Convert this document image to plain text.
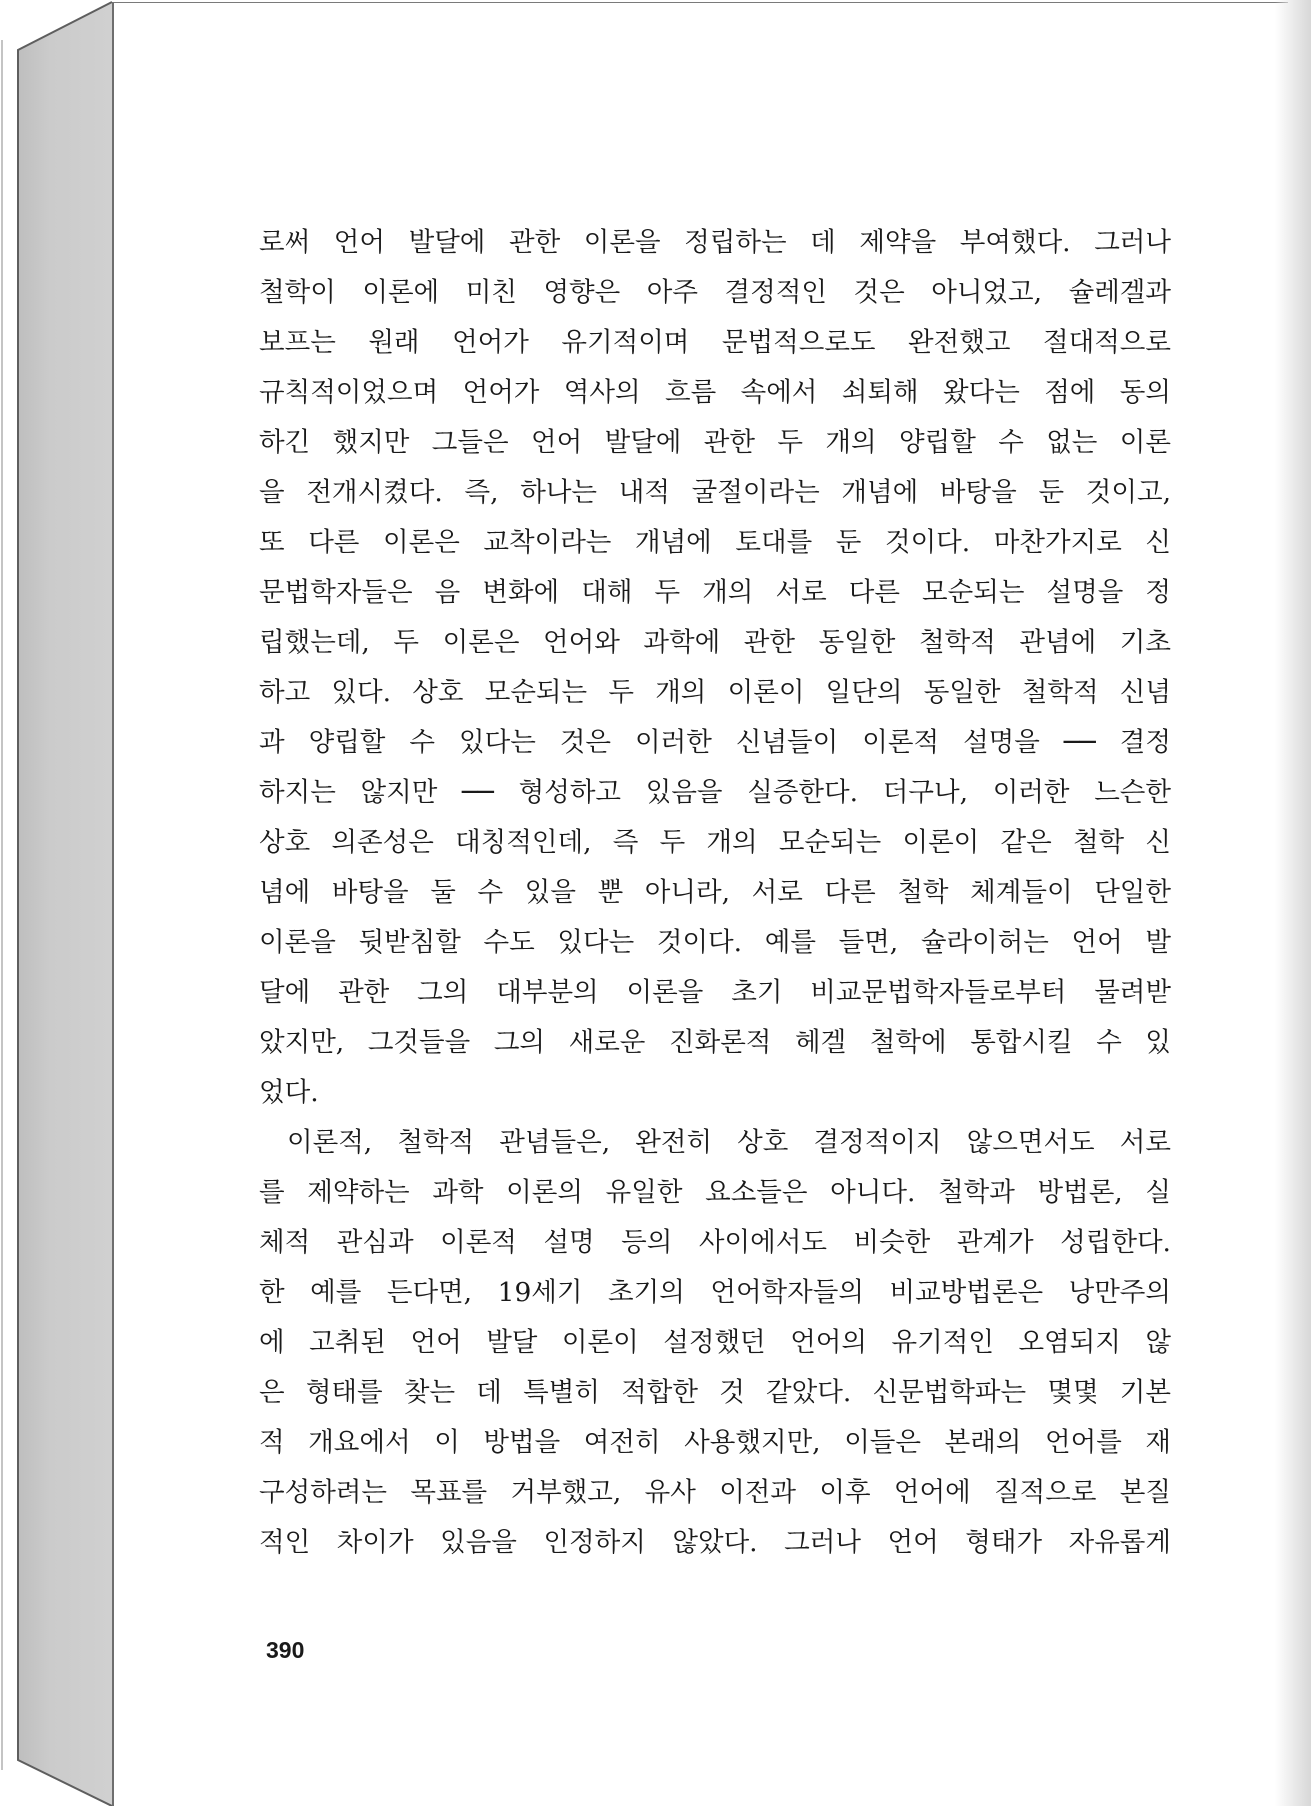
로써 언어 발달에 관한 이론을 정립하는 데 제약을 부여했다. 그러나
철학이 이론에 미친 영향은 아주 결정적인 것은 아니었고, 슐레겔과
보프는 원래 언어가 유기적이며 문법적으로도 완전했고 절대적으로
규칙적이었으며 언어가 역사의 흐름 속에서 쇠퇴해 왔다는 점에 동의
하긴 했지만 그들은 언어 발달에 관한 두 개의 양립할 수 없는 이론
을 전개시켰다. 즉, 하나는 내적 굴절이라는 개념에 바탕을 둔 것이고,
또 다른 이론은 교착이라는 개념에 토대를 둔 것이다. 마찬가지로 신
문법학자들은 음 변화에 대해 두 개의 서로 다른 모순되는 설명을 정
립했는데, 두 이론은 언어와 과학에 관한 동일한 철학적 관념에 기초
하고 있다. 상호 모순되는 두 개의 이론이 일단의 동일한 철학적 신념
과 양립할 수 있다는 것은 이러한 신념들이 이론적 설명을 ── 결정
하지는 않지만 ── 형성하고 있음을 실증한다. 더구나, 이러한 느슨한
상호 의존성은 대칭적인데, 즉 두 개의 모순되는 이론이 같은 철학 신
념에 바탕을 둘 수 있을 뿐 아니라, 서로 다른 철학 체계들이 단일한
이론을 뒷받침할 수도 있다는 것이다. 예를 들면, 슐라이허는 언어 발
달에 관한 그의 대부분의 이론을 초기 비교문법학자들로부터 물려받
았지만, 그것들을 그의 새로운 진화론적 헤겔 철학에 통합시킬 수 있
었다.
이론적, 철학적 관념들은, 완전히 상호 결정적이지 않으면서도 서로
를 제약하는 과학 이론의 유일한 요소들은 아니다. 철학과 방법론, 실
체적 관심과 이론적 설명 등의 사이에서도 비슷한 관계가 성립한다.
한 예를 든다면, 19세기 초기의 언어학자들의 비교방법론은 낭만주의
에 고취된 언어 발달 이론이 설정했던 언어의 유기적인 오염되지 않
은 형태를 찾는 데 특별히 적합한 것 같았다. 신문법학파는 몇몇 기본
적 개요에서 이 방법을 여전히 사용했지만, 이들은 본래의 언어를 재
구성하려는 목표를 거부했고, 유사 이전과 이후 언어에 질적으로 본질
적인 차이가 있음을 인정하지 않았다. 그러나 언어 형태가 자유롭게
390
